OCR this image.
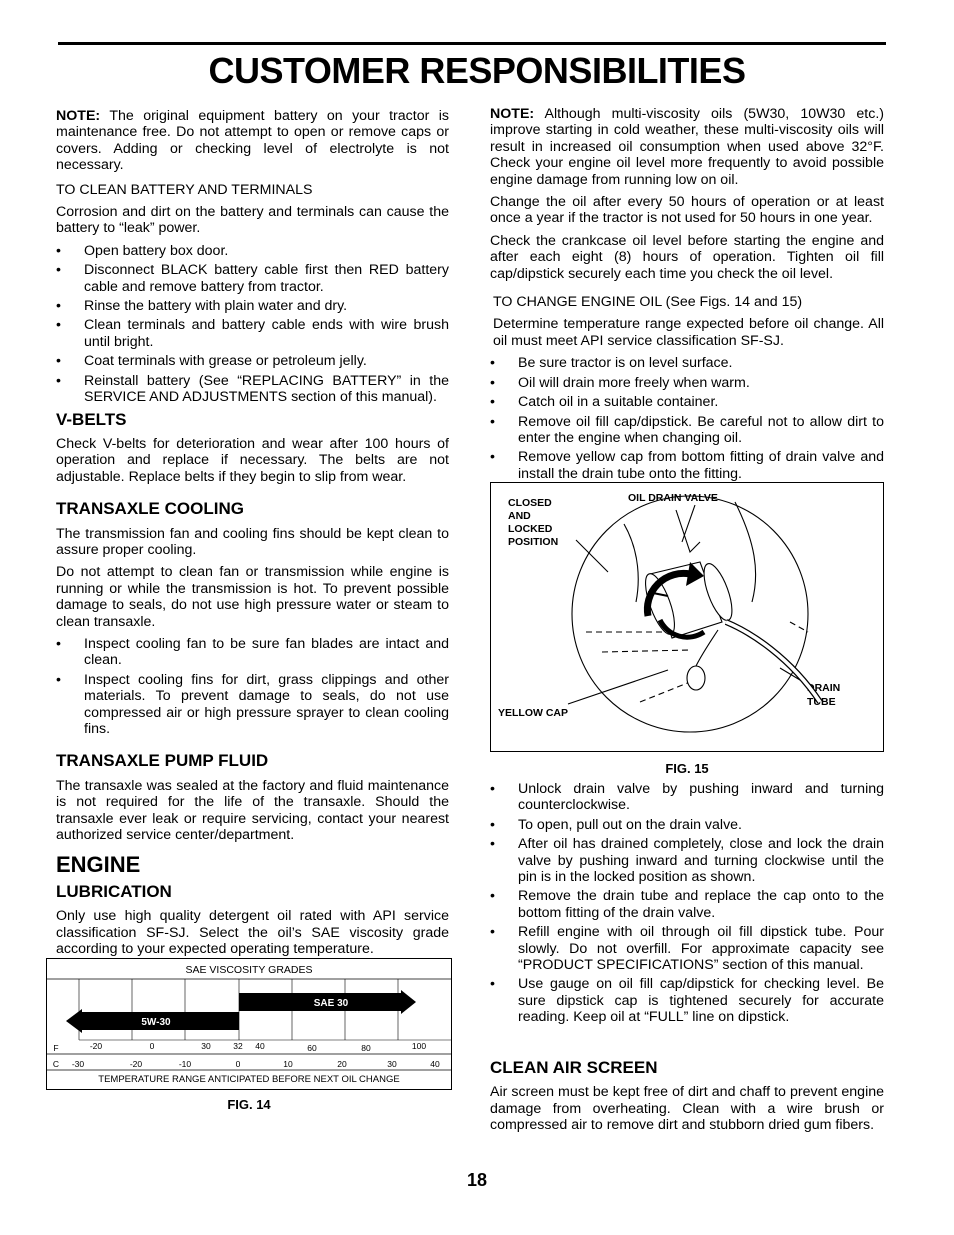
CUSTOMER RESPONSIBILITIES

NOTE: The original equipment battery on your tractor is maintenance free. Do not attempt to open or remove caps or covers. Adding or checking level of electrolyte is not necessary.

TO CLEAN BATTERY AND TERMINALS

Corrosion and dirt on the battery and terminals can cause the battery to “leak” power.

• Open battery box door.
• Disconnect BLACK battery cable first then RED battery cable and remove battery from tractor.
• Rinse the battery with plain water and dry.
• Clean terminals and battery cable ends with wire brush until bright.
• Coat terminals with grease or petroleum jelly.
• Reinstall battery (See “REPLACING BATTERY” in the SERVICE AND ADJUSTMENTS section of this manual).
V-BELTS

Check V-belts for deterioration and wear after 100 hours of operation and replace if necessary. The belts are not adjustable. Replace belts if they begin to slip from wear.

TRANSAXLE COOLING

The transmission fan and cooling fins should be kept clean to assure proper cooling.

Do not attempt to clean fan or transmission while engine is running or while the transmission is hot. To prevent possible damage to seals, do not use high pressure water or steam to clean transaxle.

• Inspect cooling fan to be sure fan blades are intact and clean.
• Inspect cooling fins for dirt, grass clippings and other materials. To prevent damage to seals, do not use compressed air or high pressure sprayer to clean cooling fins.
TRANSAXLE PUMP FLUID

The transaxle was sealed at the factory and fluid maintenance is not required for the life of the transaxle. Should the transaxle ever leak or require servicing, contact your nearest authorized service center/department.

ENGINE
LUBRICATION

Only use high quality detergent oil rated with API service classification SF-SJ. Select the oil’s SAE viscosity grade according to your expected operating temperature.

SAE VISCOSITY GRADES
SAE 30
5W-30
F	-20	0	30	32 40	60	80	100
C -30	-20	-10	0	10	20	30	40
TEMPERATURE RANGE ANTICIPATED BEFORE NEXT OIL CHANGE
FIG. 14

NOTE: Although multi-viscosity oils (5W30, 10W30 etc.) improve starting in cold weather, these multi-viscosity oils will result in increased oil consumption when used above 32°F. Check your engine oil level more frequently to avoid possible engine damage from running low on oil.

Change the oil after every 50 hours of operation or at least once a year if the tractor is not used for 50 hours in one year.

Check the crankcase oil level before starting the engine and after each eight (8) hours of operation. Tighten oil fill cap/dipstick securely each time you check the oil level.

TO CHANGE ENGINE OIL (See Figs. 14 and 15)

Determine temperature range expected before oil change. All oil must meet API service classification SF-SJ.

• Be sure tractor is on level surface.
• Oil will drain more freely when warm.
• Catch oil in a suitable container.
• Remove oil fill cap/dipstick. Be careful not to allow dirt to enter the engine when changing oil.
• Remove yellow cap from bottom fitting of drain valve and install the drain tube onto the fitting.
CLOSED
AND
LOCKED
POSITION
OIL DRAIN VALVE
DRAIN
TUBE
YELLOW CAP
FIG. 15
• Unlock drain valve by pushing inward and turning counterclockwise.
• To open, pull out on the drain valve.
• After oil has drained completely, close and lock the drain valve by pushing inward and turning clockwise until the pin is in the locked position as shown.
• Remove the drain tube and replace the cap onto to the bottom fitting of the drain valve.
• Refill engine with oil through oil fill dipstick tube. Pour slowly. Do not overfill. For approximate capacity see “PRODUCT SPECIFICATIONS” section of this manual.
• Use gauge on oil fill cap/dipstick for checking level. Be sure dipstick cap is tightened securely for accurate reading. Keep oil at “FULL” line on dipstick.
CLEAN AIR SCREEN

Air screen must be kept free of dirt and chaff to prevent engine damage from overheating. Clean with a wire brush or compressed air to remove dirt and stubborn dried gum fibers.

18
